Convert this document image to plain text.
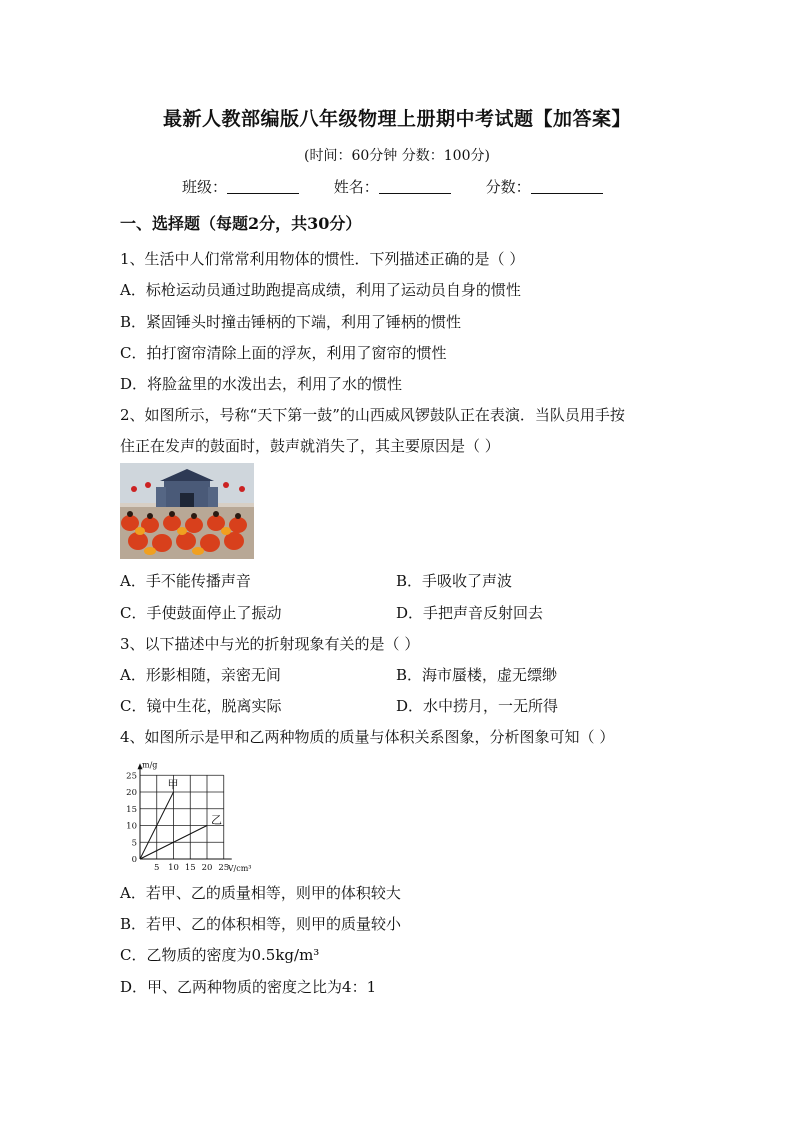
最新人教部编版八年级物理上册期中考试题【加答案】
(时间：60分钟 分数：100分)
班级：	姓名：	分数：
一、选择题（每题2分，共30分）
1、生活中人们常常利用物体的惯性．下列描述正确的是（ ）
A．标枪运动员通过助跑提高成绩，利用了运动员自身的惯性
B．紧固锤头时撞击锤柄的下端，利用了锤柄的惯性
C．拍打窗帘清除上面的浮灰，利用了窗帘的惯性
D．将脸盆里的水泼出去，利用了水的惯性
2、如图所示，号称“天下第一鼓”的山西威风锣鼓队正在表演．当队员用手按
住正在发声的鼓面时，鼓声就消失了，其主要原因是（ ）
A．手不能传播声音	B．手吸收了声波
C．手使鼓面停止了振动	D．手把声音反射回去
3、以下描述中与光的折射现象有关的是（ ）
A．形影相随，亲密无间	B．海市蜃楼，虚无缥缈
C．镜中生花，脱离实际	D．水中捞月，一无所得
4、如图所示是甲和乙两种物质的质量与体积关系图象，分析图象可知（ ）
甲
乙
0
5
10
15
20
25
5 10 15 20 25
m/g
V/cm³
A．若甲、乙的质量相等，则甲的体积较大
B．若甲、乙的体积相等，则甲的质量较小
C．乙物质的密度为0.5kg/m³
D．甲、乙两种物质的密度之比为4：1
